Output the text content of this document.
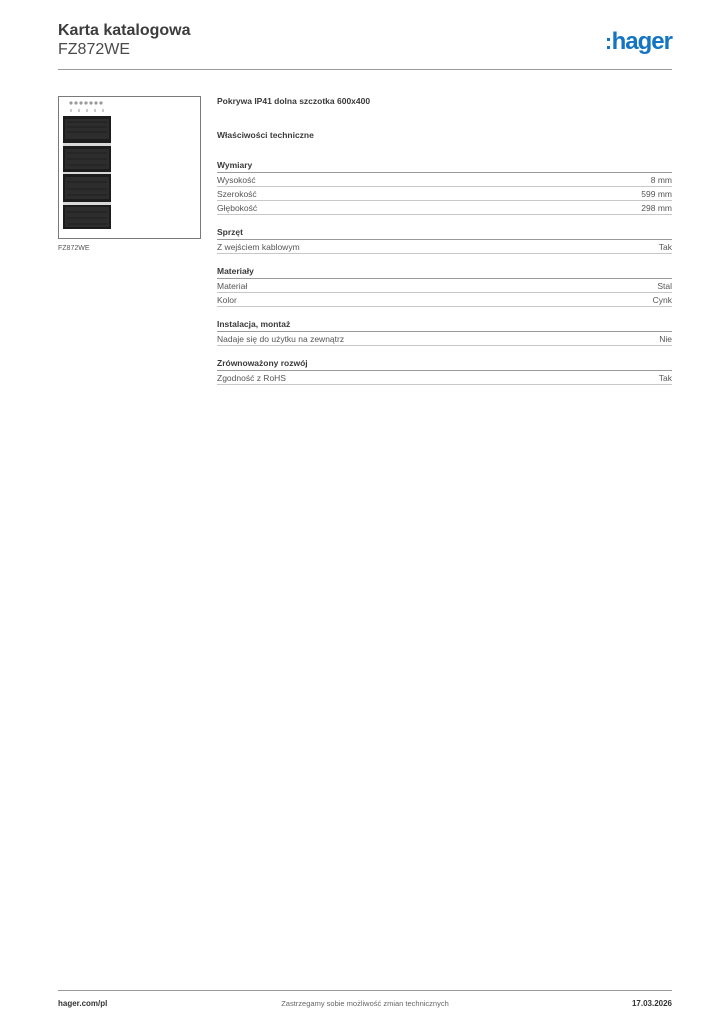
Karta katalogowa
FZ872WE	hager
FZ872WE
Pokrywa IP41 dolna szczotka 600x400
Właściwości techniczne
Wymiary
Wysokość	8 mm
Szerokość	599 mm
Głębokość	298 mm
Sprzęt
Z wejściem kablowym	Tak
Materiały
Materiał	Stal
Kolor	Cynk
Instalacja, montaż
Nadaje się do użytku na zewnątrz	Nie
Zrównoważony rozwój
Zgodność z RoHS	Tak
hager.com/pl	Zastrzegamy sobie możliwość zmian technicznych	17.03.2026
